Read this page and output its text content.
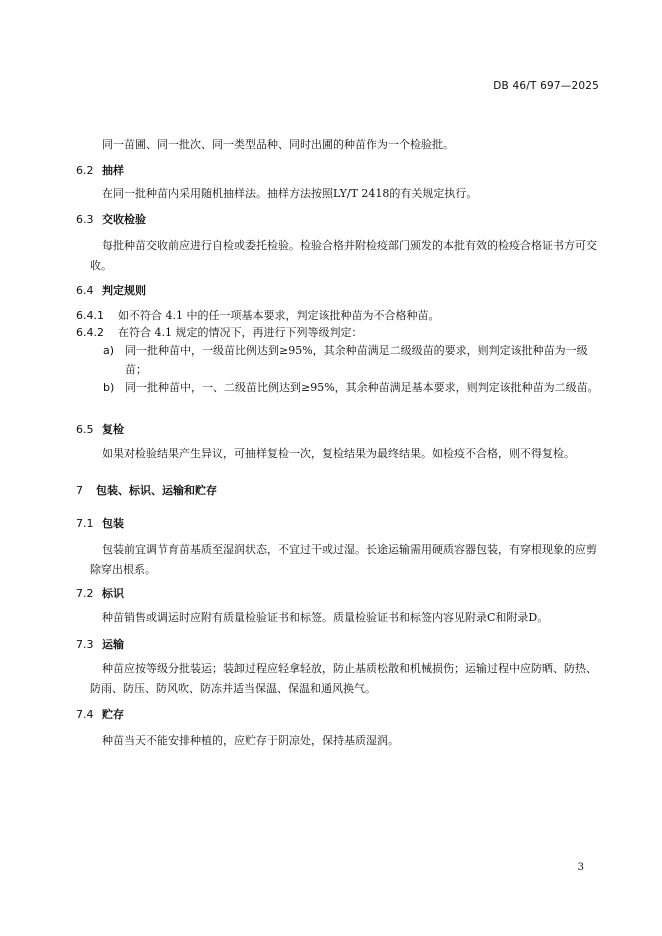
DB 46/T 697—2025
同一苗圃、同一批次、同一类型品种、同时出圃的种苗作为一个检验批。
6.2 抽样
在同一批种苗内采用随机抽样法。抽样方法按照LY/T 2418的有关规定执行。
6.3 交收检验
每批种苗交收前应进行自检或委托检验。检验合格并附检疫部门颁发的本批有效的检疫合格证书方可交收。
6.4 判定规则
6.4.1 如不符合 4.1 中的任一项基本要求，判定该批种苗为不合格种苗。
6.4.2 在符合 4.1 规定的情况下，再进行下列等级判定：
a) 同一批种苗中，一级苗比例达到≥95%，其余种苗满足二级级苗的要求，则判定该批种苗为一级苗；
b) 同一批种苗中，一、二级苗比例达到≥95%，其余种苗满足基本要求，则判定该批种苗为二级苗。
6.5 复检
如果对检验结果产生异议，可抽样复检一次，复检结果为最终结果。如检疫不合格，则不得复检。
7 包装、标识、运输和贮存
7.1 包装
包装前宜调节育苗基质至湿润状态，不宜过干或过湿。长途运输需用硬质容器包装，有穿根现象的应剪除穿出根系。
7.2 标识
种苗销售或调运时应附有质量检验证书和标签。质量检验证书和标签内容见附录C和附录D。
7.3 运输
种苗应按等级分批装运；装卸过程应轻拿轻放，防止基质松散和机械损伤；运输过程中应防晒、防热、防雨、防压、防风吹、防冻并适当保温、保温和通风换气。
7.4 贮存
种苗当天不能安排种植的，应贮存于阴凉处，保持基质湿润。
3
